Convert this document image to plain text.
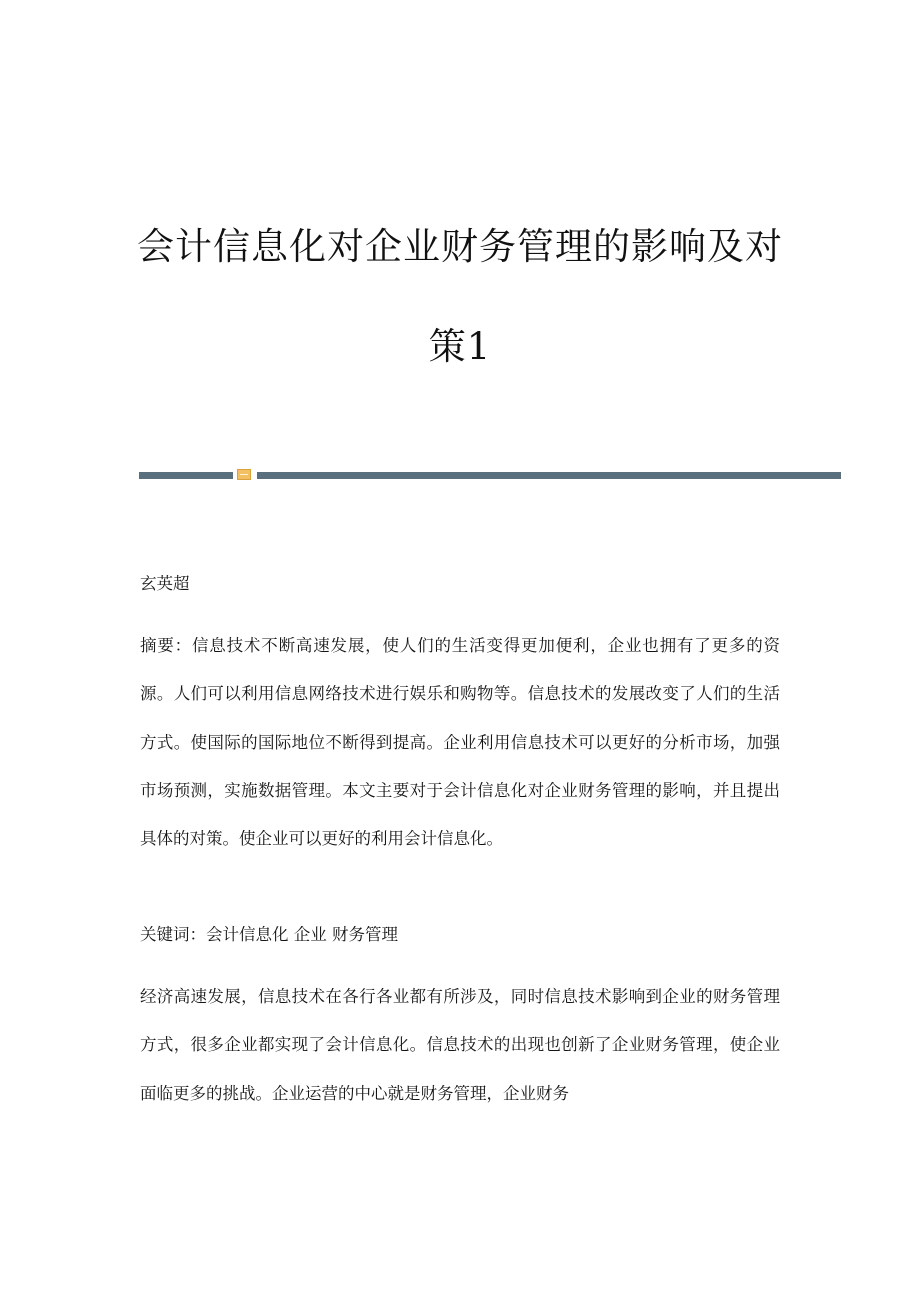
会计信息化对企业财务管理的影响及对
策1
玄英超
摘要：信息技术不断高速发展，使人们的生活变得更加便利，企业也拥有了更多的资源。人们可以利用信息网络技术进行娱乐和购物等。信息技术的发展改变了人们的生活方式。使国际的国际地位不断得到提高。企业利用信息技术可以更好的分析市场，加强市场预测，实施数据管理。本文主要对于会计信息化对企业财务管理的影响，并且提出具体的对策。使企业可以更好的利用会计信息化。
关键词：会计信息化 企业 财务管理
经济高速发展，信息技术在各行各业都有所涉及，同时信息技术影响到企业的财务管理方式，很多企业都实现了会计信息化。信息技术的出现也创新了企业财务管理，使企业面临更多的挑战。企业运营的中心就是财务管理，企业财务
